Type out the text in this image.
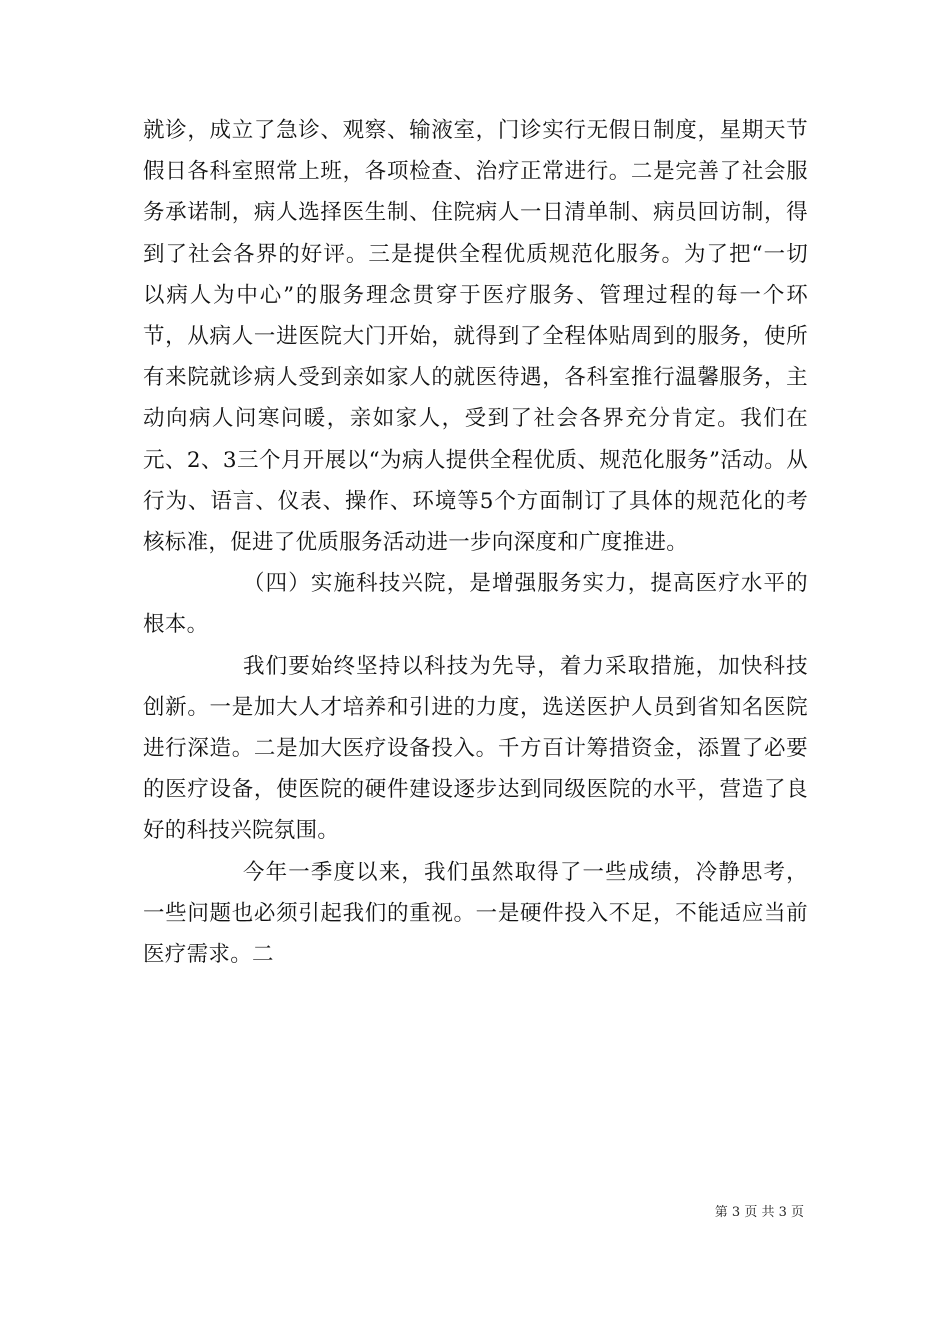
就诊，成立了急诊、观察、输液室，门诊实行无假日制度，星期天节假日各科室照常上班，各项检查、治疗正常进行。二是完善了社会服务承诺制，病人选择医生制、住院病人一日清单制、病员回访制，得到了社会各界的好评。三是提供全程优质规范化服务。为了把“一切以病人为中心”的服务理念贯穿于医疗服务、管理过程的每一个环节，从病人一进医院大门开始，就得到了全程体贴周到的服务，使所有来院就诊病人受到亲如家人的就医待遇，各科室推行温馨服务，主动向病人问寒问暖，亲如家人，受到了社会各界充分肯定。我们在元、2、3三个月开展以“为病人提供全程优质、规范化服务”活动。从行为、语言、仪表、操作、环境等5个方面制订了具体的规范化的考核标准，促进了优质服务活动进一步向深度和广度推进。

（四）实施科技兴院，是增强服务实力，提高医疗水平的根本。

我们要始终坚持以科技为先导，着力采取措施，加快科技创新。一是加大人才培养和引进的力度，选送医护人员到省知名医院进行深造。二是加大医疗设备投入。千方百计筹措资金，添置了必要的医疗设备，使医院的硬件建设逐步达到同级医院的水平，营造了良好的科技兴院氛围。

今年一季度以来，我们虽然取得了一些成绩，冷静思考，一些问题也必须引起我们的重视。一是硬件投入不足，不能适应当前医疗需求。二

第 3 页 共 3 页
